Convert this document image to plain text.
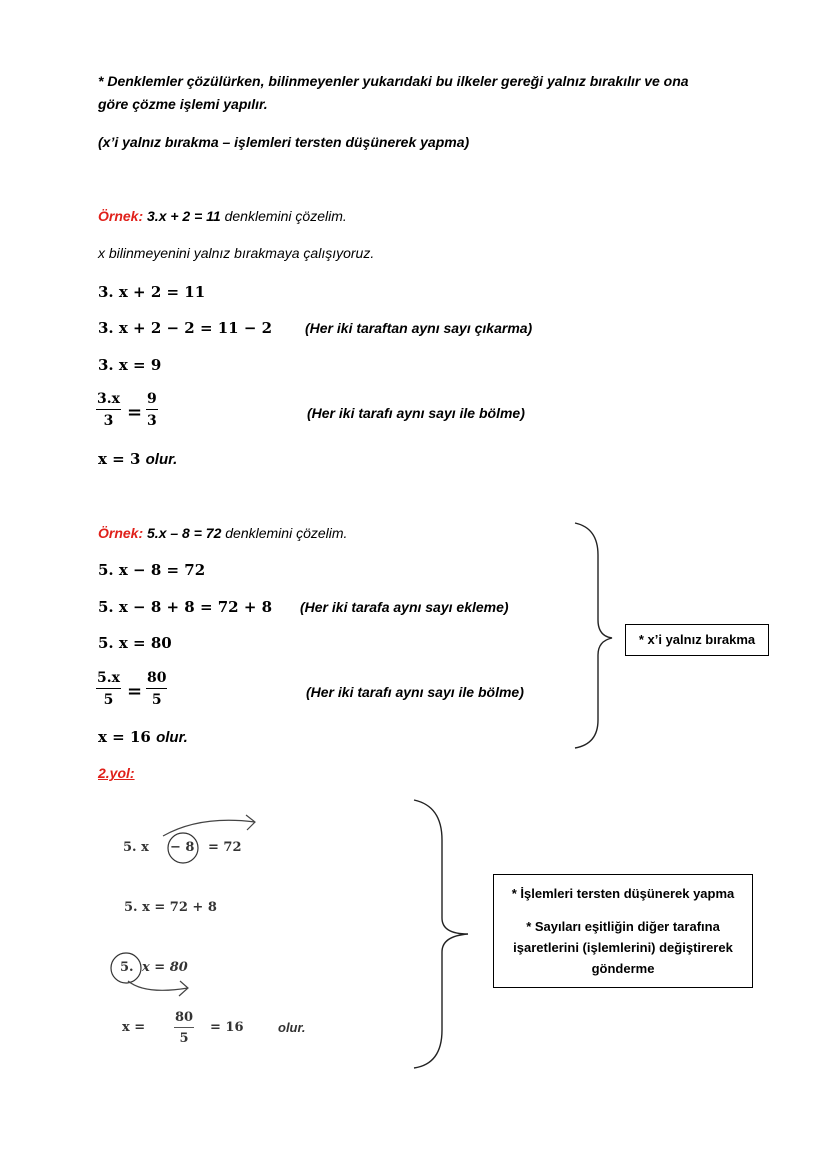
* Denklemler çözülürken, bilinmeyenler yukarıdaki bu ilkeler gereği yalnız bırakılır ve ona
göre çözme işlemi yapılır.
(x’i yalnız bırakma – işlemleri tersten düşünerek yapma)
Örnek: 3.x + 2 = 11 denklemini çözelim.
x bilinmeyenini yalnız bırakmaya çalışıyoruz.
3. x + 2 = 11
3. x + 2 − 2 = 11 − 2 (Her iki taraftan aynı sayı çıkarma)
3. x = 9
$\frac{3.x}{3} = \frac{9}{3}$	(Her iki tarafı aynı sayı ile bölme)
x = 3 olur.
Örnek: 5.x – 8 = 72 denklemini çözelim.
5. x − 8 = 72
5. x − 8 + 8 = 72 + 8 (Her iki tarafa aynı sayı ekleme)
5. x = 80
$\frac{5.x}{5} = \frac{80}{5}$	(Her iki tarafı aynı sayı ile bölme)
x = 16 olur.
* x’i yalnız bırakma
2.yol:
5. x − 8 = 72
5. x = 72 + 8
5. x = 80
$x = \frac{80}{5} = 16$	olur.
* İşlemleri tersten düşünerek yapma
* Sayıları eşitliğin diğer tarafına işaretlerini (işlemlerini) değiştirerek gönderme
